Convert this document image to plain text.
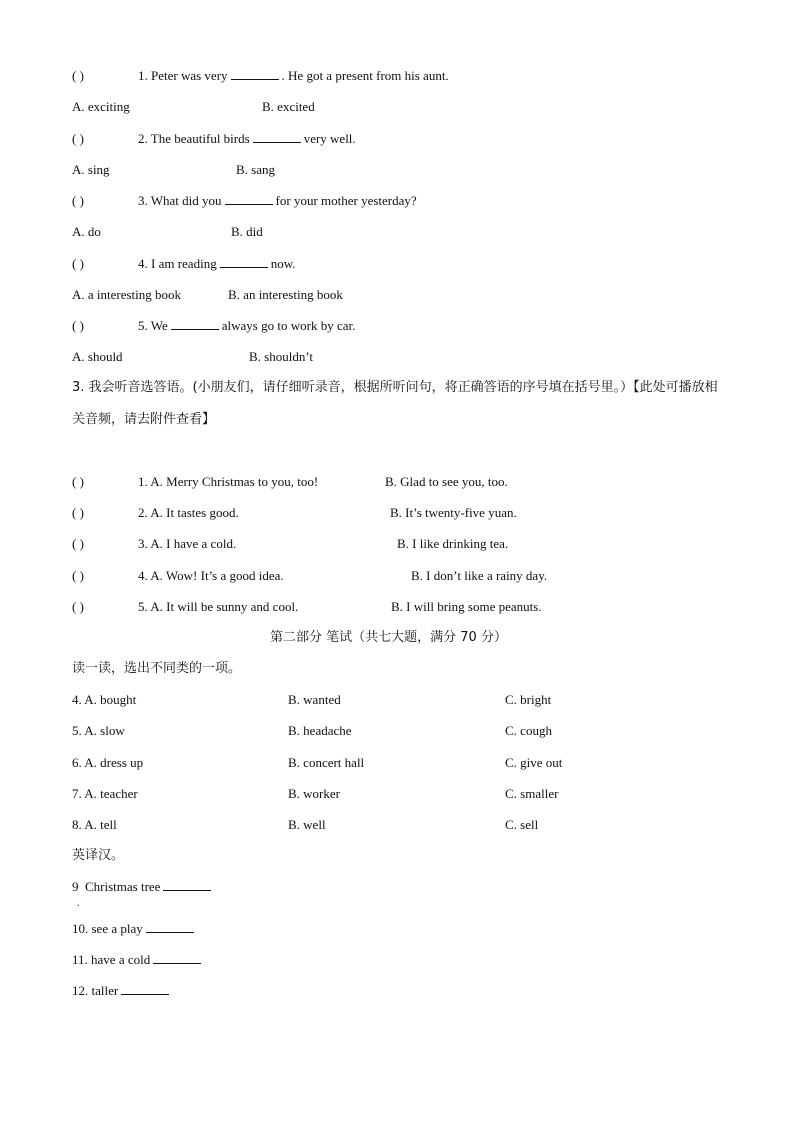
( )	1. Peter was very	. He got a present from his aunt.
A. exciting	B. excited
( )	2. The beautiful birds	very well.
A. sing	B. sang
( )	3. What did you	for your mother yesterday?
A. do	B. did
( )	4. I am reading	now.
A. a interesting book	B. an interesting book
( )	5. We	always go to work by car.
A. should	B. shouldn’t
3. 我会听音选答语。(小朋友们，请仔细听录音，根据所听问句，将正确答语的序号填在括号里。）【此处可播放相关音频，请去附件查看】
( )	1. A. Merry Christmas to you, too!	B. Glad to see you, too.
( )	2. A. It tastes good.	B. It’s twenty-five yuan.
( )	3. A. I have a cold.	B. I like drinking tea.
( )	4. A. Wow! It’s a good idea.	B. I don’t like a rainy day.
( )	5. A. It will be sunny and cool.	B. I will bring some peanuts.
第二部分 笔试（共七大题，满分 70 分）
读一读，选出不同类的一项。
4. A. bought	B. wanted	C. bright
5. A. slow	B. headache	C. cough
6. A. dress up	B. concert hall	C. give out
7. A. teacher	B. worker	C. smaller
8. A. tell	B. well	C. sell
英译汉。
9 Christmas tree
.
10. see a play
11. have a cold
12. taller
